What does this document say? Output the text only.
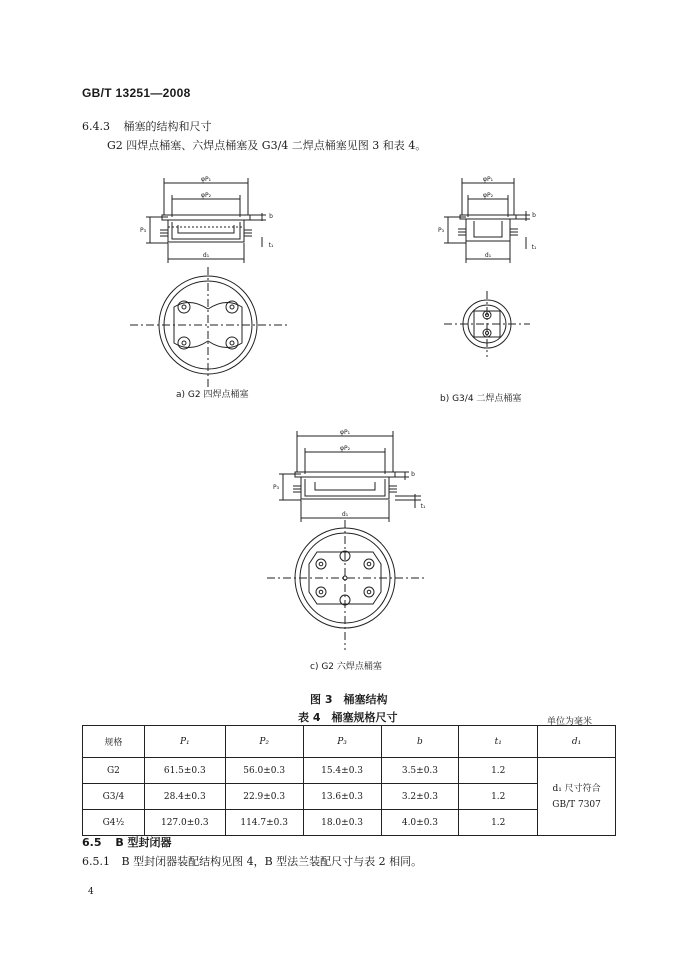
GB/T 13251—2008
6.4.3 桶塞的结构和尺寸
G2 四焊点桶塞、六焊点桶塞及 G3/4 二焊点桶塞见图 3 和表 4。
φP₁
φP₂
P₃
b
t₁
d₁
a) G2 四焊点桶塞
φP₁
φP₂
P₃
b
t₁
d₁
b) G3/4 二焊点桶塞
φP₁
φP₂
P₃
b
t₁
d₁
c) G2 六焊点桶塞
图 3　桶塞结构
表 4　桶塞规格尺寸	单位为毫米
规格	P₁	P₂	P₃	b	t₁	d₁
G2	61.5±0.3	56.0±0.3	15.4±0.3	3.5±0.3	1.2	d₁ 尺寸符合
GB/T 7307

G3/4	28.4±0.3	22.9±0.3	13.6±0.3	3.2±0.3	1.2	
G4½	127.0±0.3	114.7±0.3	18.0±0.3	4.0±0.3	1.2	
6.5 B 型封闭器
6.5.1 B 型封闭器装配结构见图 4，B 型法兰装配尺寸与表 2 相同。
4
